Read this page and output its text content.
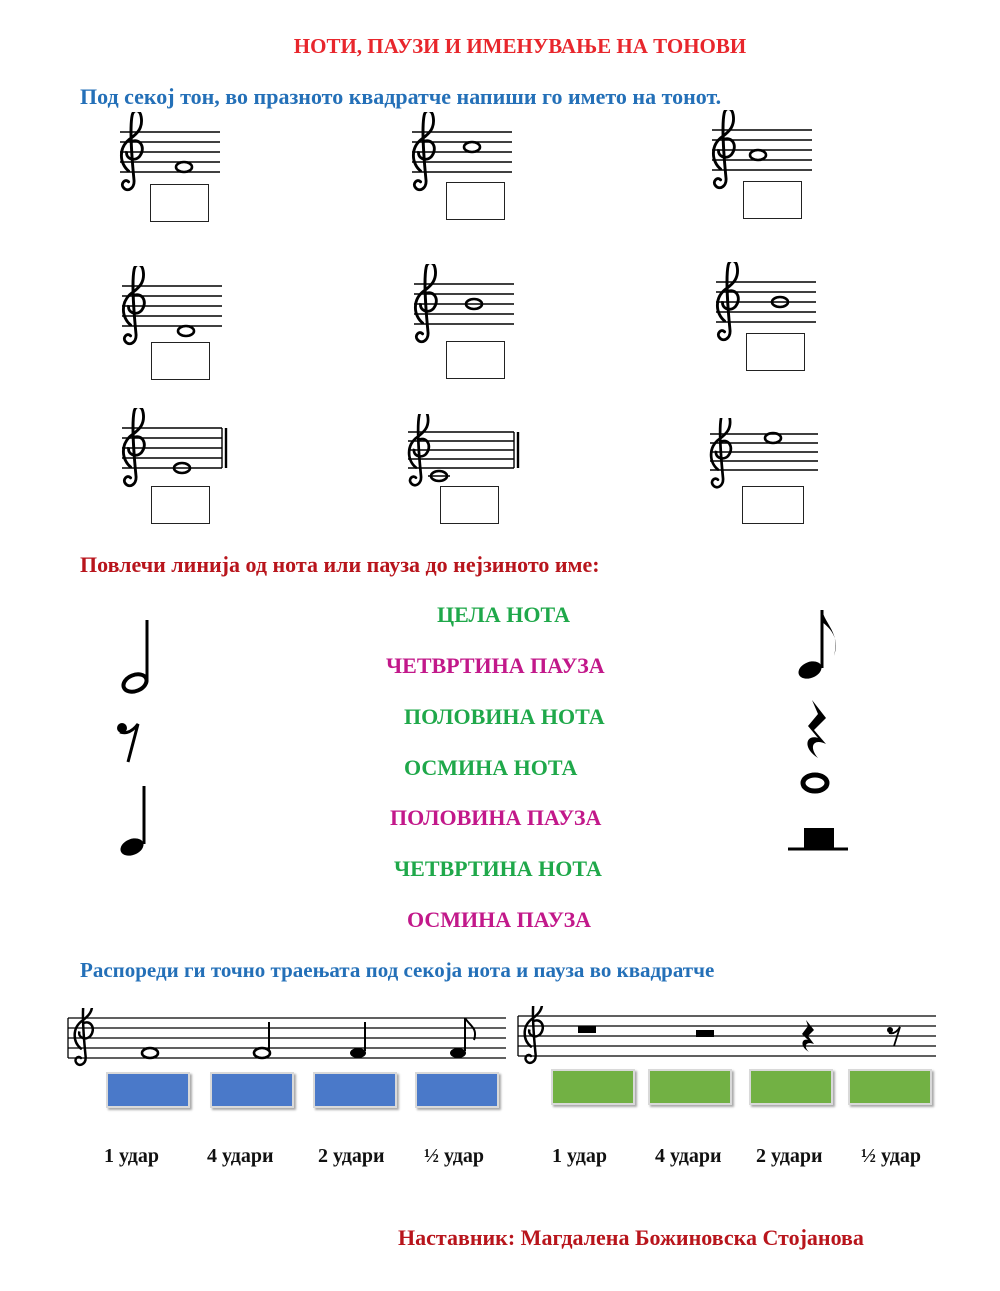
НОТИ, ПАУЗИ И ИМЕНУВАЊЕ НА ТОНОВИ
Под секој тон, во празното квадратче напиши го името на тонот.
Повлечи линија од нота или пауза до нејзиното име:
ЦЕЛА НОТА
ЧЕТВРТИНА ПАУЗА
ПОЛОВИНА НОТА
ОСМИНА НОТА
ПОЛОВИНА ПАУЗА
ЧЕТВРТИНА НОТА
ОСМИНА ПАУЗА
Распореди ги точно траењата под секоја нота и пауза во квадратче
1 удар 4 удари 2 удари ½ удар	1 удар 4 удари 2 удари ½ удар
Наставник: Магдалена Божиновска Стојанова
